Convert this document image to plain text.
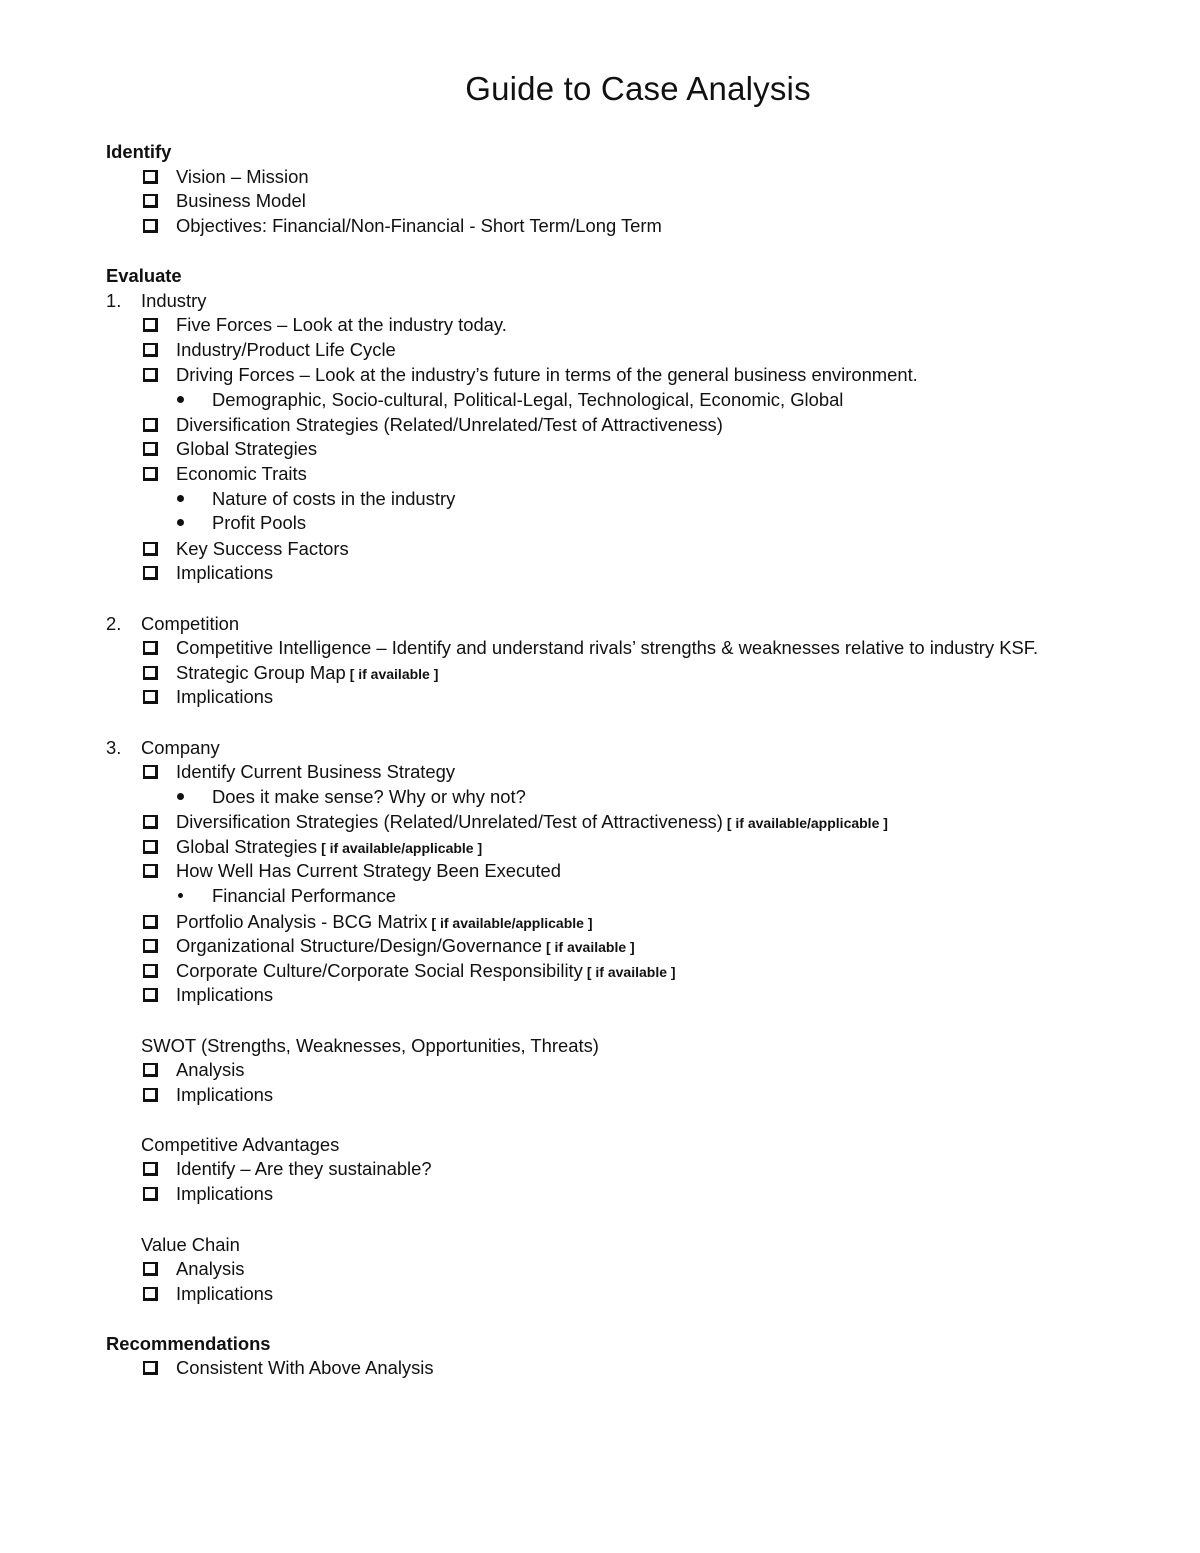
Guide to Case Analysis
Identify
Vision – Mission
Business Model
Objectives: Financial/Non-Financial - Short Term/Long Term
Evaluate
1. Industry
Five Forces – Look at the industry today.
Industry/Product Life Cycle
Driving Forces – Look at the industry’s future in terms of the general business environment.
Demographic, Socio-cultural, Political-Legal, Technological, Economic, Global
Diversification Strategies (Related/Unrelated/Test of Attractiveness)
Global Strategies
Economic Traits
Nature of costs in the industry
Profit Pools
Key Success Factors
Implications
2. Competition
Competitive Intelligence – Identify and understand rivals’ strengths & weaknesses relative to industry KSF.
Strategic Group Map [ if available ]
Implications
3. Company
Identify Current Business Strategy
Does it make sense? Why or why not?
Diversification Strategies (Related/Unrelated/Test of Attractiveness) [ if available/applicable ]
Global Strategies [ if available/applicable ]
How Well Has Current Strategy Been Executed
Financial Performance
Portfolio Analysis - BCG Matrix [ if available/applicable ]
Organizational Structure/Design/Governance [ if available ]
Corporate Culture/Corporate Social Responsibility [ if available ]
Implications
SWOT (Strengths, Weaknesses, Opportunities, Threats)
Analysis
Implications
Competitive Advantages
Identify – Are they sustainable?
Implications
Value Chain
Analysis
Implications
Recommendations
Consistent With Above Analysis
